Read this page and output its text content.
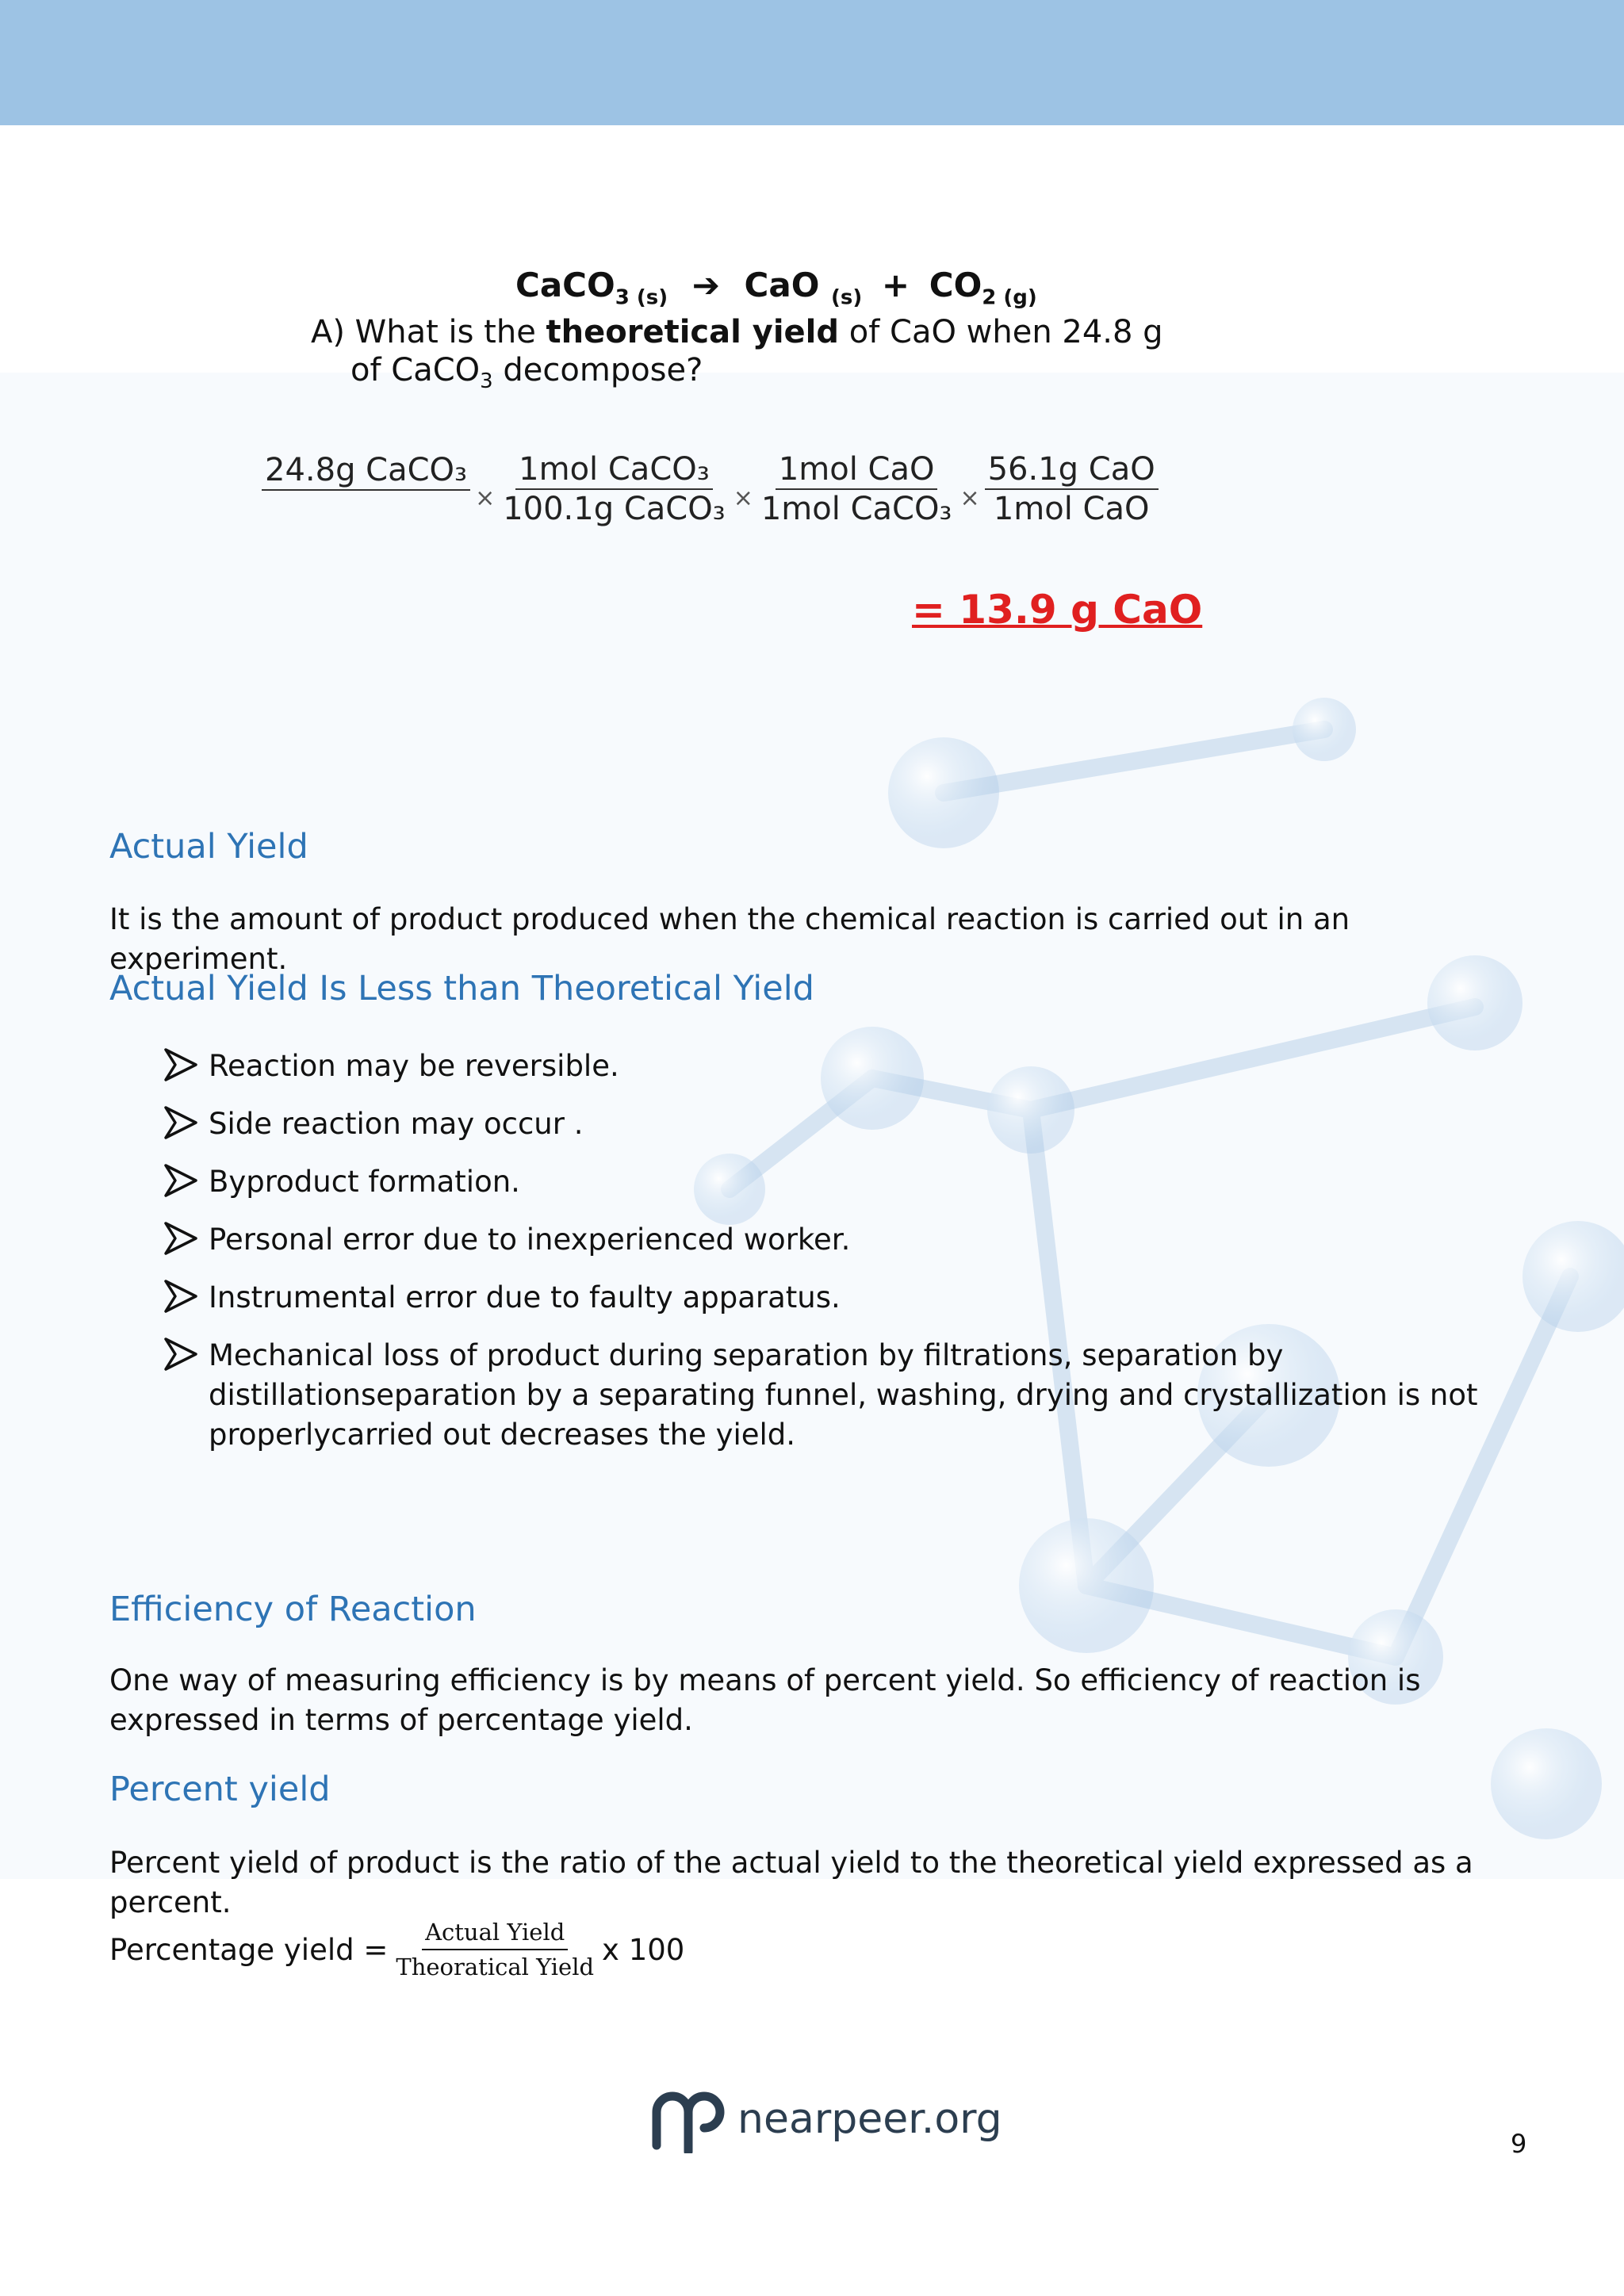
CaCO$_{3 (s)}$ ➔ CaO $_{(s)} + CO_{2 (g)}$
A) What is the theoretical yield of CaO when 24.8 g
of CaCO$_3$ decompose?
24.8g CaCO₃
× $\frac{\text{1mol CaCO₃}}{\text{100.1g CaCO₃}} \times \frac{\text{1mol CaO}}{\text{1mol CaCO₃}} \times \frac{\text{56.1g CaO}}{\text{1mol CaO}}$
= 13.9 g CaO
Actual Yield

It is the amount of product produced when the chemical reaction is carried out in an experiment.

Actual Yield Is Less than Theoretical Yield
Reaction may be reversible.
Side reaction may occur .
Byproduct formation.
Personal error due to inexperienced worker.
Instrumental error due to faulty apparatus.
Mechanical loss of product during separation by filtrations, separation by distillationseparation by a separating funnel, washing, drying and crystallization is not properlycarried out decreases the yield.
Efficiency of Reaction

One way of measuring efficiency is by means of percent yield. So efficiency of reaction is expressed in terms of percentage yield.

Percent yield

Percent yield of product is the ratio of the actual yield to the theoretical yield expressed as a percent.

Percentage yield =
Actual Yield
Theoratical Yield
x 100
nearpeer.org
9
